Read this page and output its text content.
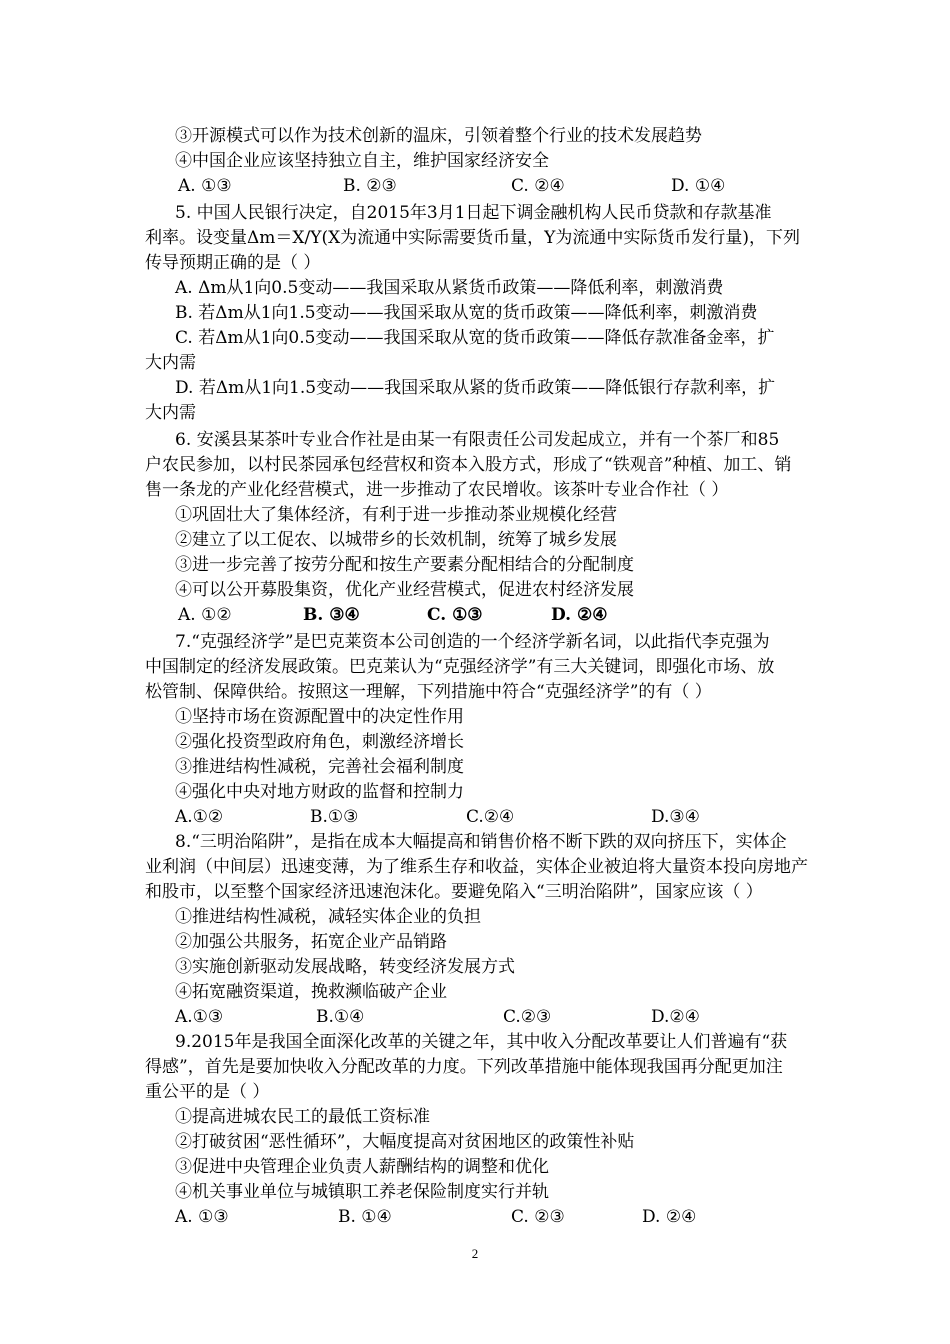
③开源模式可以作为技术创新的温床，引领着整个行业的技术发展趋势
④中国企业应该坚持独立自主，维护国家经济安全
A. ①③	B. ②③	C. ②④	D. ①④
5. 中国人民银行决定，自2015年3月1日起下调金融机构人民币贷款和存款基准
利率。设变量Δm＝X/Y(X为流通中实际需要货币量，Y为流通中实际货币发行量)，下列
传导预期正确的是（ ）
A. Δm从1向0.5变动——我国采取从紧货币政策——降低利率，刺激消费
B. 若Δm从1向1.5变动——我国采取从宽的货币政策——降低利率，刺激消费
C. 若Δm从1向0.5变动——我国采取从宽的货币政策——降低存款准备金率，扩
大内需
D. 若Δm从1向1.5变动——我国采取从紧的货币政策——降低银行存款利率，扩
大内需
6. 安溪县某茶叶专业合作社是由某一有限责任公司发起成立，并有一个茶厂和85
户农民参加，以村民茶园承包经营权和资本入股方式，形成了“铁观音”种植、加工、销
售一条龙的产业化经营模式，进一步推动了农民增收。该茶叶专业合作社（ ）
①巩固壮大了集体经济，有利于进一步推动茶业规模化经营
②建立了以工促农、以城带乡的长效机制，统筹了城乡发展
③进一步完善了按劳分配和按生产要素分配相结合的分配制度
④可以公开募股集资，优化产业经营模式，促进农村经济发展
A. ①②	B. ③④	C. ①③	D. ②④
7.“克强经济学”是巴克莱资本公司创造的一个经济学新名词，以此指代李克强为
中国制定的经济发展政策。巴克莱认为“克强经济学”有三大关键词，即强化市场、放
松管制、保障供给。按照这一理解，下列措施中符合“克强经济学”的有（ ）
①坚持市场在资源配置中的决定性作用
②强化投资型政府角色，刺激经济增长
③推进结构性减税，完善社会福利制度
④强化中央对地方财政的监督和控制力
A.①②	B.①③	C.②④	D.③④
8.“三明治陷阱”，是指在成本大幅提高和销售价格不断下跌的双向挤压下，实体企
业利润（中间层）迅速变薄，为了维系生存和收益，实体企业被迫将大量资本投向房地产
和股市，以至整个国家经济迅速泡沫化。要避免陷入“三明治陷阱”，国家应该（ ）
①推进结构性减税，减轻实体企业的负担
②加强公共服务，拓宽企业产品销路
③实施创新驱动发展战略，转变经济发展方式
④拓宽融资渠道，挽救濒临破产企业
A.①③	B.①④	C.②③	D.②④
9.2015年是我国全面深化改革的关键之年，其中收入分配改革要让人们普遍有“获
得感”，首先是要加快收入分配改革的力度。下列改革措施中能体现我国再分配更加注
重公平的是（ ）
①提高进城农民工的最低工资标准
②打破贫困“恶性循环”，大幅度提高对贫困地区的政策性补贴
③促进中央管理企业负责人薪酬结构的调整和优化
④机关事业单位与城镇职工养老保险制度实行并轨
A. ①③	B. ①④	C. ②③	D. ②④
2
